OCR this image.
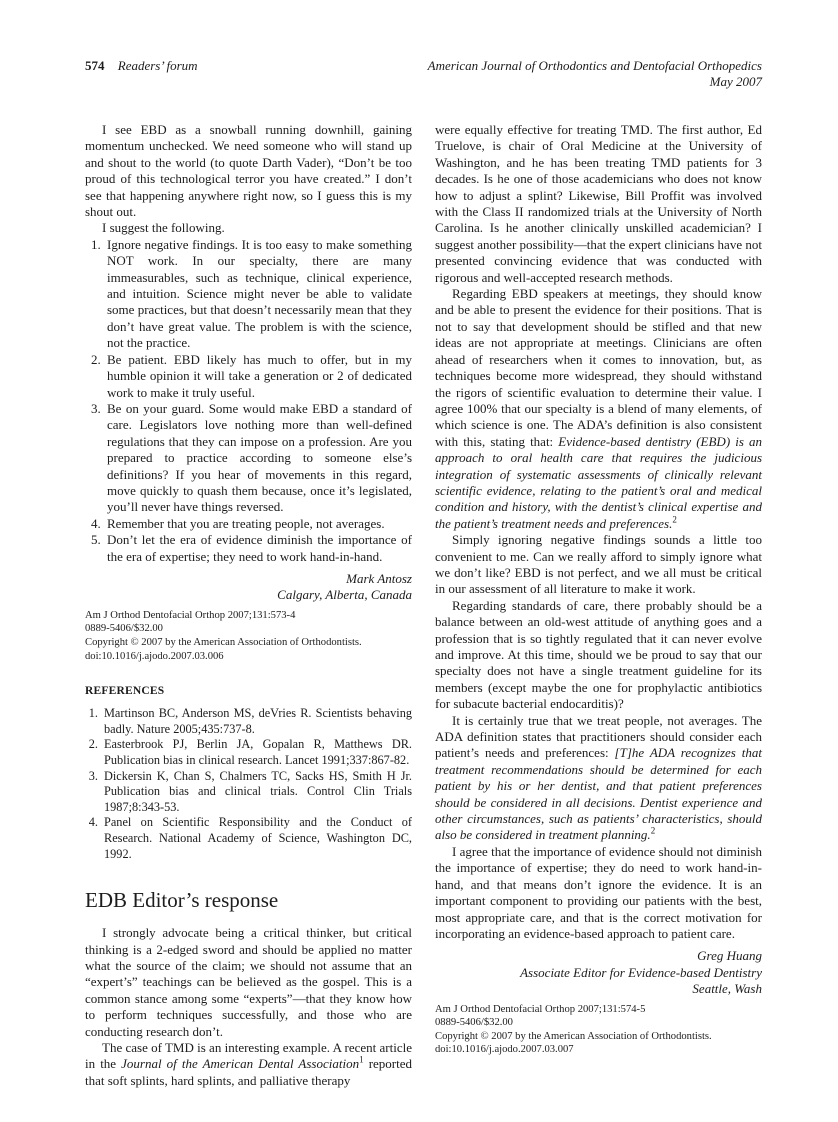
574 Readers’ forum	American Journal of Orthodontics and Dentofacial Orthopedics
May 2007

I see EBD as a snowball running downhill, gaining momentum unchecked. We need someone who will stand up and shout to the world (to quote Darth Vader), “Don’t be too proud of this technological terror you have created.” I don’t see that happening anywhere right now, so I guess this is my shout out.

I suggest the following.

1. Ignore negative findings. It is too easy to make something NOT work. In our specialty, there are many immeasurables, such as technique, clinical experience, and intuition. Science might never be able to validate some practices, but that doesn’t necessarily mean that they don’t have great value. The problem is with the science, not the practice.
2. Be patient. EBD likely has much to offer, but in my humble opinion it will take a generation or 2 of dedicated work to make it truly useful.
3. Be on your guard. Some would make EBD a standard of care. Legislators love nothing more than well-defined regulations that they can impose on a profession. Are you prepared to practice according to someone else’s definitions? If you hear of movements in this regard, move quickly to quash them because, once it’s legislated, you’ll never have things reversed.
4. Remember that you are treating people, not averages.
5. Don’t let the era of evidence diminish the importance of the era of expertise; they need to work hand-in-hand.
Mark Antosz
Calgary, Alberta, Canada
Am J Orthod Dentofacial Orthop 2007;131:573-4
0889-5406/$32.00
Copyright © 2007 by the American Association of Orthodontists.
doi:10.1016/j.ajodo.2007.03.006
REFERENCES
1. Martinson BC, Anderson MS, deVries R. Scientists behaving badly. Nature 2005;435:737-8.
2. Easterbrook PJ, Berlin JA, Gopalan R, Matthews DR. Publication bias in clinical research. Lancet 1991;337:867-82.
3. Dickersin K, Chan S, Chalmers TC, Sacks HS, Smith H Jr. Publication bias and clinical trials. Control Clin Trials 1987;8:343-53.
4. Panel on Scientific Responsibility and the Conduct of Research. National Academy of Science, Washington DC, 1992.
EDB Editor’s response

I strongly advocate being a critical thinker, but critical thinking is a 2-edged sword and should be applied no matter what the source of the claim; we should not assume that an “expert’s” teachings can be believed as the gospel. This is a common stance among some “experts”—that they know how to perform techniques successfully, and those who are conducting research don’t.

The case of TMD is an interesting example. A recent article in the Journal of the American Dental Association$^1$ reported that soft splints, hard splints, and palliative therapy

were equally effective for treating TMD. The first author, Ed Truelove, is chair of Oral Medicine at the University of Washington, and he has been treating TMD patients for 3 decades. Is he one of those academicians who does not know how to adjust a splint? Likewise, Bill Proffit was involved with the Class II randomized trials at the University of North Carolina. Is he another clinically unskilled academician? I suggest another possibility—that the expert clinicians have not presented convincing evidence that was conducted with rigorous and well-accepted research methods.

Regarding EBD speakers at meetings, they should know and be able to present the evidence for their positions. That is not to say that development should be stifled and that new ideas are not appropriate at meetings. Clinicians are often ahead of researchers when it comes to innovation, but, as techniques become more widespread, they should withstand the rigors of scientific evaluation to determine their value. I agree 100% that our specialty is a blend of many elements, of which science is one. The ADA’s definition is also consistent with this, stating that: Evidence-based dentistry (EBD) is an approach to oral health care that requires the judicious integration of systematic assessments of clinically relevant scientific evidence, relating to the patient’s oral and medical condition and history, with the dentist’s clinical expertise and the patient’s treatment needs and preferences.$^2$

Simply ignoring negative findings sounds a little too convenient to me. Can we really afford to simply ignore what we don’t like? EBD is not perfect, and we all must be critical in our assessment of all literature to make it work.

Regarding standards of care, there probably should be a balance between an old-west attitude of anything goes and a profession that is so tightly regulated that it can never evolve and improve. At this time, should we be proud to say that our specialty does not have a single treatment guideline for its members (except maybe the one for prophylactic antibiotics for subacute bacterial endocarditis)?

It is certainly true that we treat people, not averages. The ADA definition states that practitioners should consider each patient’s needs and preferences: [T]he ADA recognizes that treatment recommendations should be determined for each patient by his or her dentist, and that patient preferences should be considered in all decisions. Dentist experience and other circumstances, such as patients’ characteristics, should also be considered in treatment planning.$^2$

I agree that the importance of evidence should not diminish the importance of expertise; they do need to work hand-in-hand, and that means don’t ignore the evidence. It is an important component to providing our patients with the best, most appropriate care, and that is the correct motivation for incorporating an evidence-based approach to patient care.

Greg Huang
Associate Editor for Evidence-based Dentistry
Seattle, Wash
Am J Orthod Dentofacial Orthop 2007;131:574-5
0889-5406/$32.00
Copyright © 2007 by the American Association of Orthodontists.
doi:10.1016/j.ajodo.2007.03.007
